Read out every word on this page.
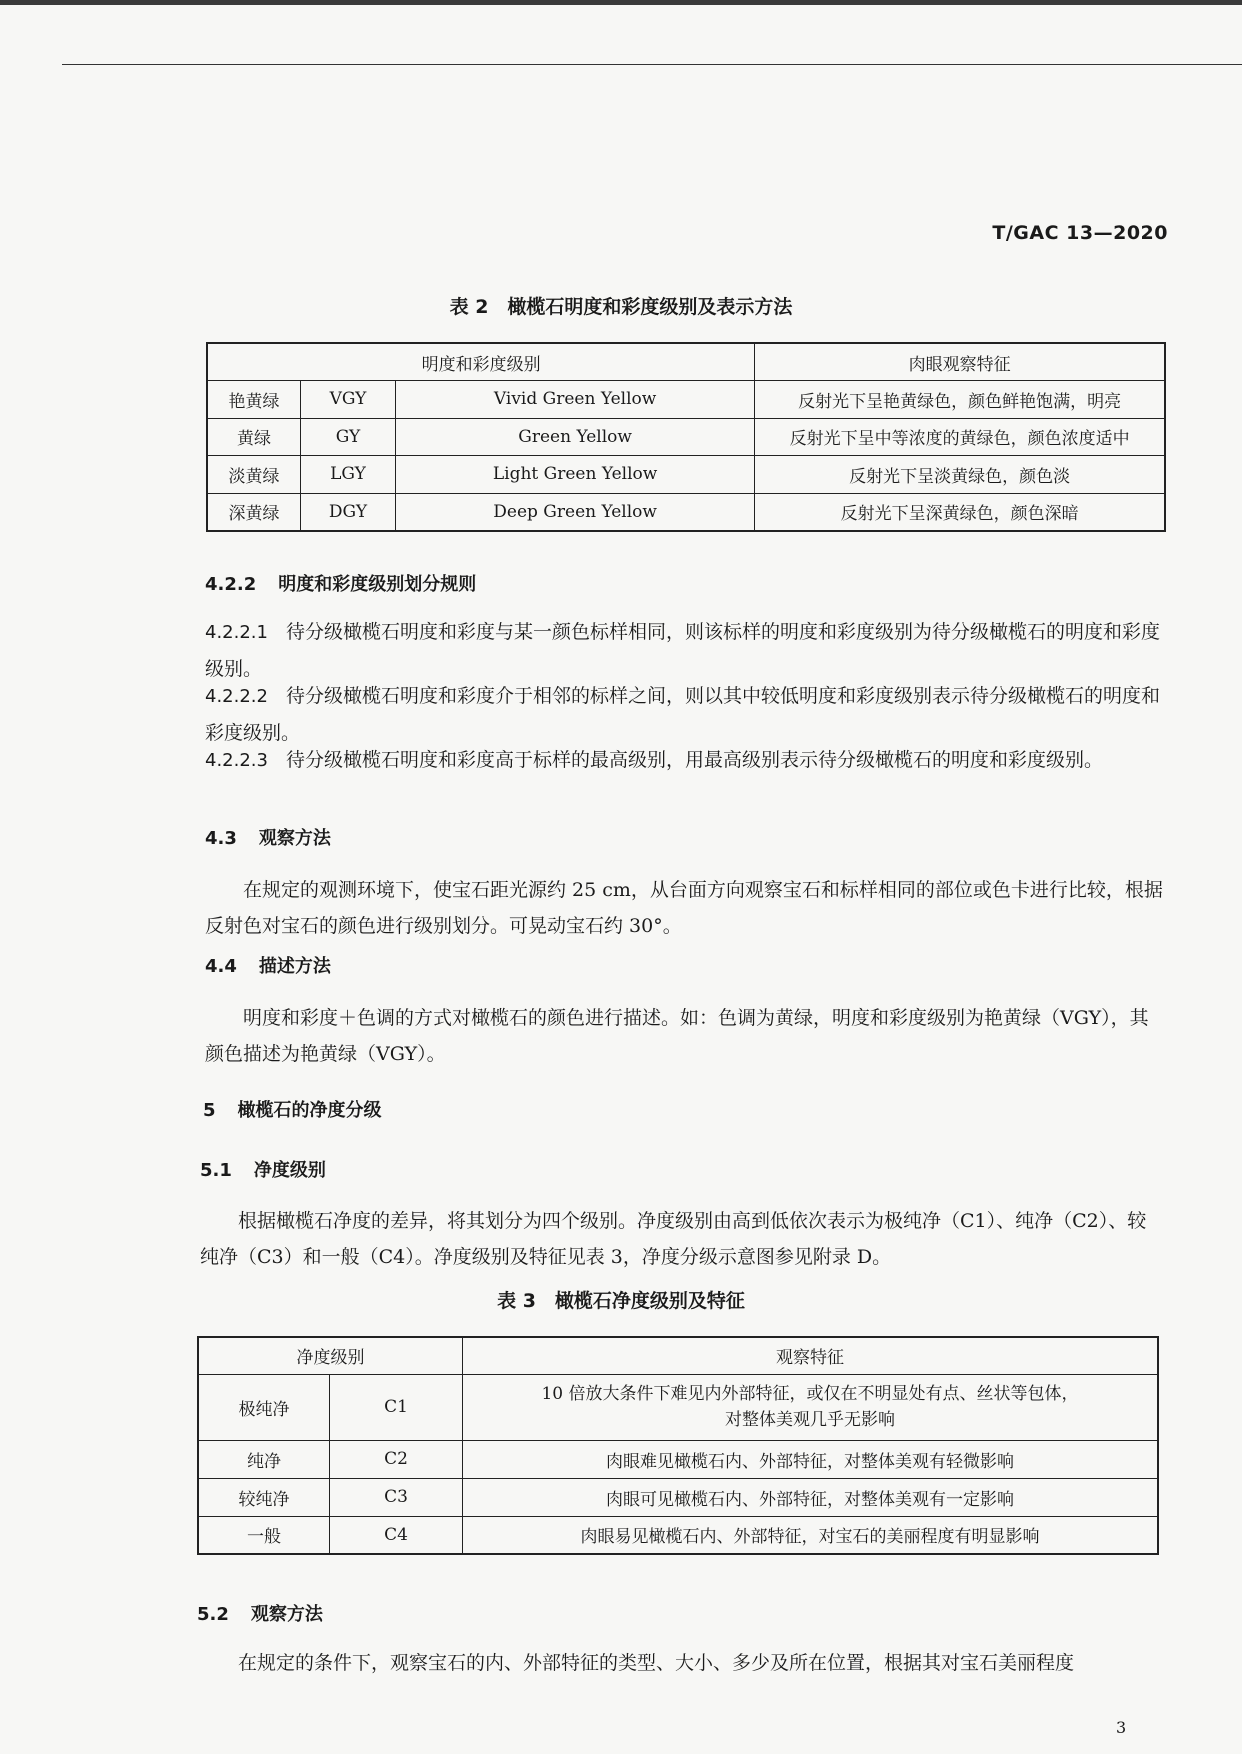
T/GAC 13—2020
表 2　橄榄石明度和彩度级别及表示方法
明度和彩度级别			肉眼观察特征
艳黄绿	VGY	Vivid Green Yellow	反射光下呈艳黄绿色，颜色鲜艳饱满，明亮
黄绿	GY	Green Yellow	反射光下呈中等浓度的黄绿色，颜色浓度适中
淡黄绿	LGY	Light Green Yellow	反射光下呈淡黄绿色，颜色淡
深黄绿	DGY	Deep Green Yellow	反射光下呈深黄绿色，颜色深暗
4.2.2 明度和彩度级别划分规则
4.2.2.1 待分级橄榄石明度和彩度与某一颜色标样相同，则该标样的明度和彩度级别为待分级橄榄石的明度和彩度级别。
4.2.2.2 待分级橄榄石明度和彩度介于相邻的标样之间，则以其中较低明度和彩度级别表示待分级橄榄石的明度和彩度级别。
4.2.2.3 待分级橄榄石明度和彩度高于标样的最高级别，用最高级别表示待分级橄榄石的明度和彩度级别。
4.3 观察方法
在规定的观测环境下，使宝石距光源约 25 cm，从台面方向观察宝石和标样相同的部位或色卡进行比较，根据反射色对宝石的颜色进行级别划分。可晃动宝石约 30°。
4.4 描述方法
明度和彩度＋色调的方式对橄榄石的颜色进行描述。如：色调为黄绿，明度和彩度级别为艳黄绿（VGY），其颜色描述为艳黄绿（VGY）。
5 橄榄石的净度分级
5.1 净度级别
根据橄榄石净度的差异，将其划分为四个级别。净度级别由高到低依次表示为极纯净（C1）、纯净（C2）、较纯净（C3）和一般（C4）。净度级别及特征见表 3，净度分级示意图参见附录 D。
表 3　橄榄石净度级别及特征
净度级别		观察特征
极纯净	C1	10 倍放大条件下难见内外部特征，或仅在不明显处有点、丝状等包体，
对整体美观几乎无影响

纯净	C2	肉眼难见橄榄石内、外部特征，对整体美观有轻微影响
较纯净	C3	肉眼可见橄榄石内、外部特征，对整体美观有一定影响
一般	C4	肉眼易见橄榄石内、外部特征，对宝石的美丽程度有明显影响
5.2 观察方法
在规定的条件下，观察宝石的内、外部特征的类型、大小、多少及所在位置，根据其对宝石美丽程度
3
